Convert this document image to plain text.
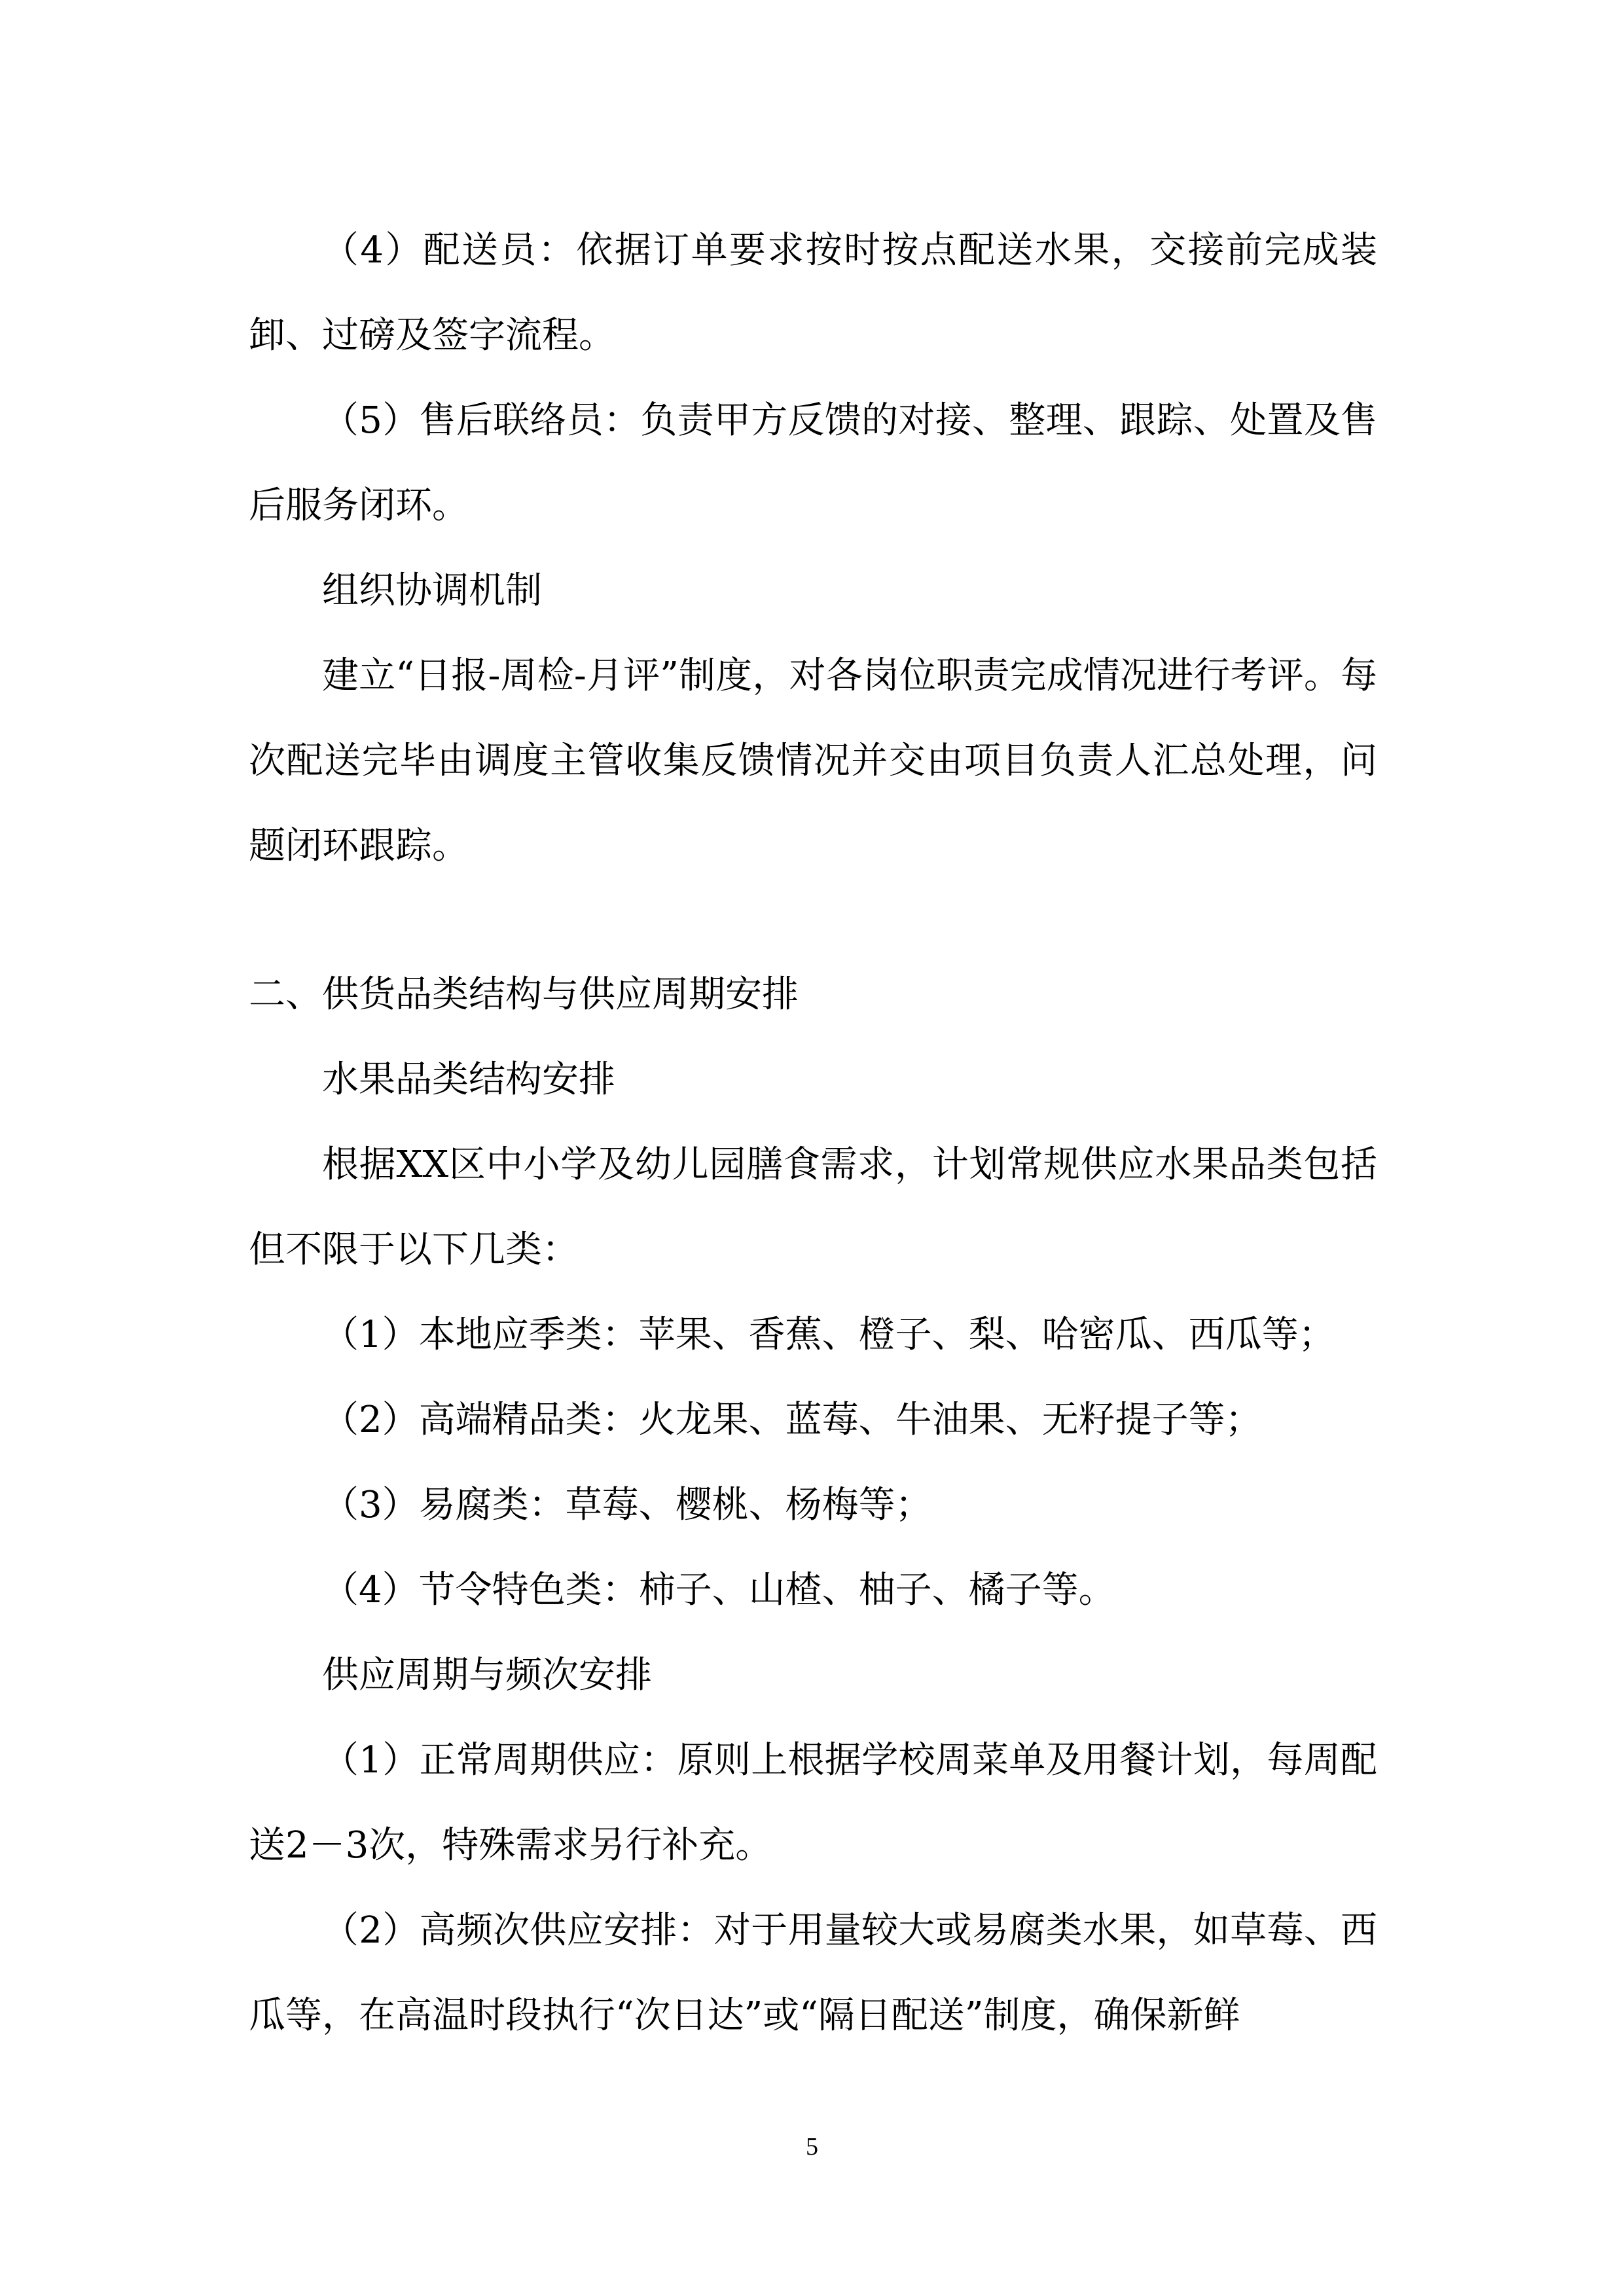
（4）配送员：依据订单要求按时按点配送水果，交接前完成装卸、过磅及签字流程。

（5）售后联络员：负责甲方反馈的对接、整理、跟踪、处置及售后服务闭环。

组织协调机制

建立“日报-周检-月评”制度，对各岗位职责完成情况进行考评。每次配送完毕由调度主管收集反馈情况并交由项目负责人汇总处理，问题闭环跟踪。

二、供货品类结构与供应周期安排

水果品类结构安排

根据XX区中小学及幼儿园膳食需求，计划常规供应水果品类包括但不限于以下几类：

（1）本地应季类：苹果、香蕉、橙子、梨、哈密瓜、西瓜等；

（2）高端精品类：火龙果、蓝莓、牛油果、无籽提子等；

（3）易腐类：草莓、樱桃、杨梅等；

（4）节令特色类：柿子、山楂、柚子、橘子等。

供应周期与频次安排

（1）正常周期供应：原则上根据学校周菜单及用餐计划，每周配送2－3次，特殊需求另行补充。

（2）高频次供应安排：对于用量较大或易腐类水果，如草莓、西瓜等，在高温时段执行“次日达”或“隔日配送”制度，确保新鲜

5
